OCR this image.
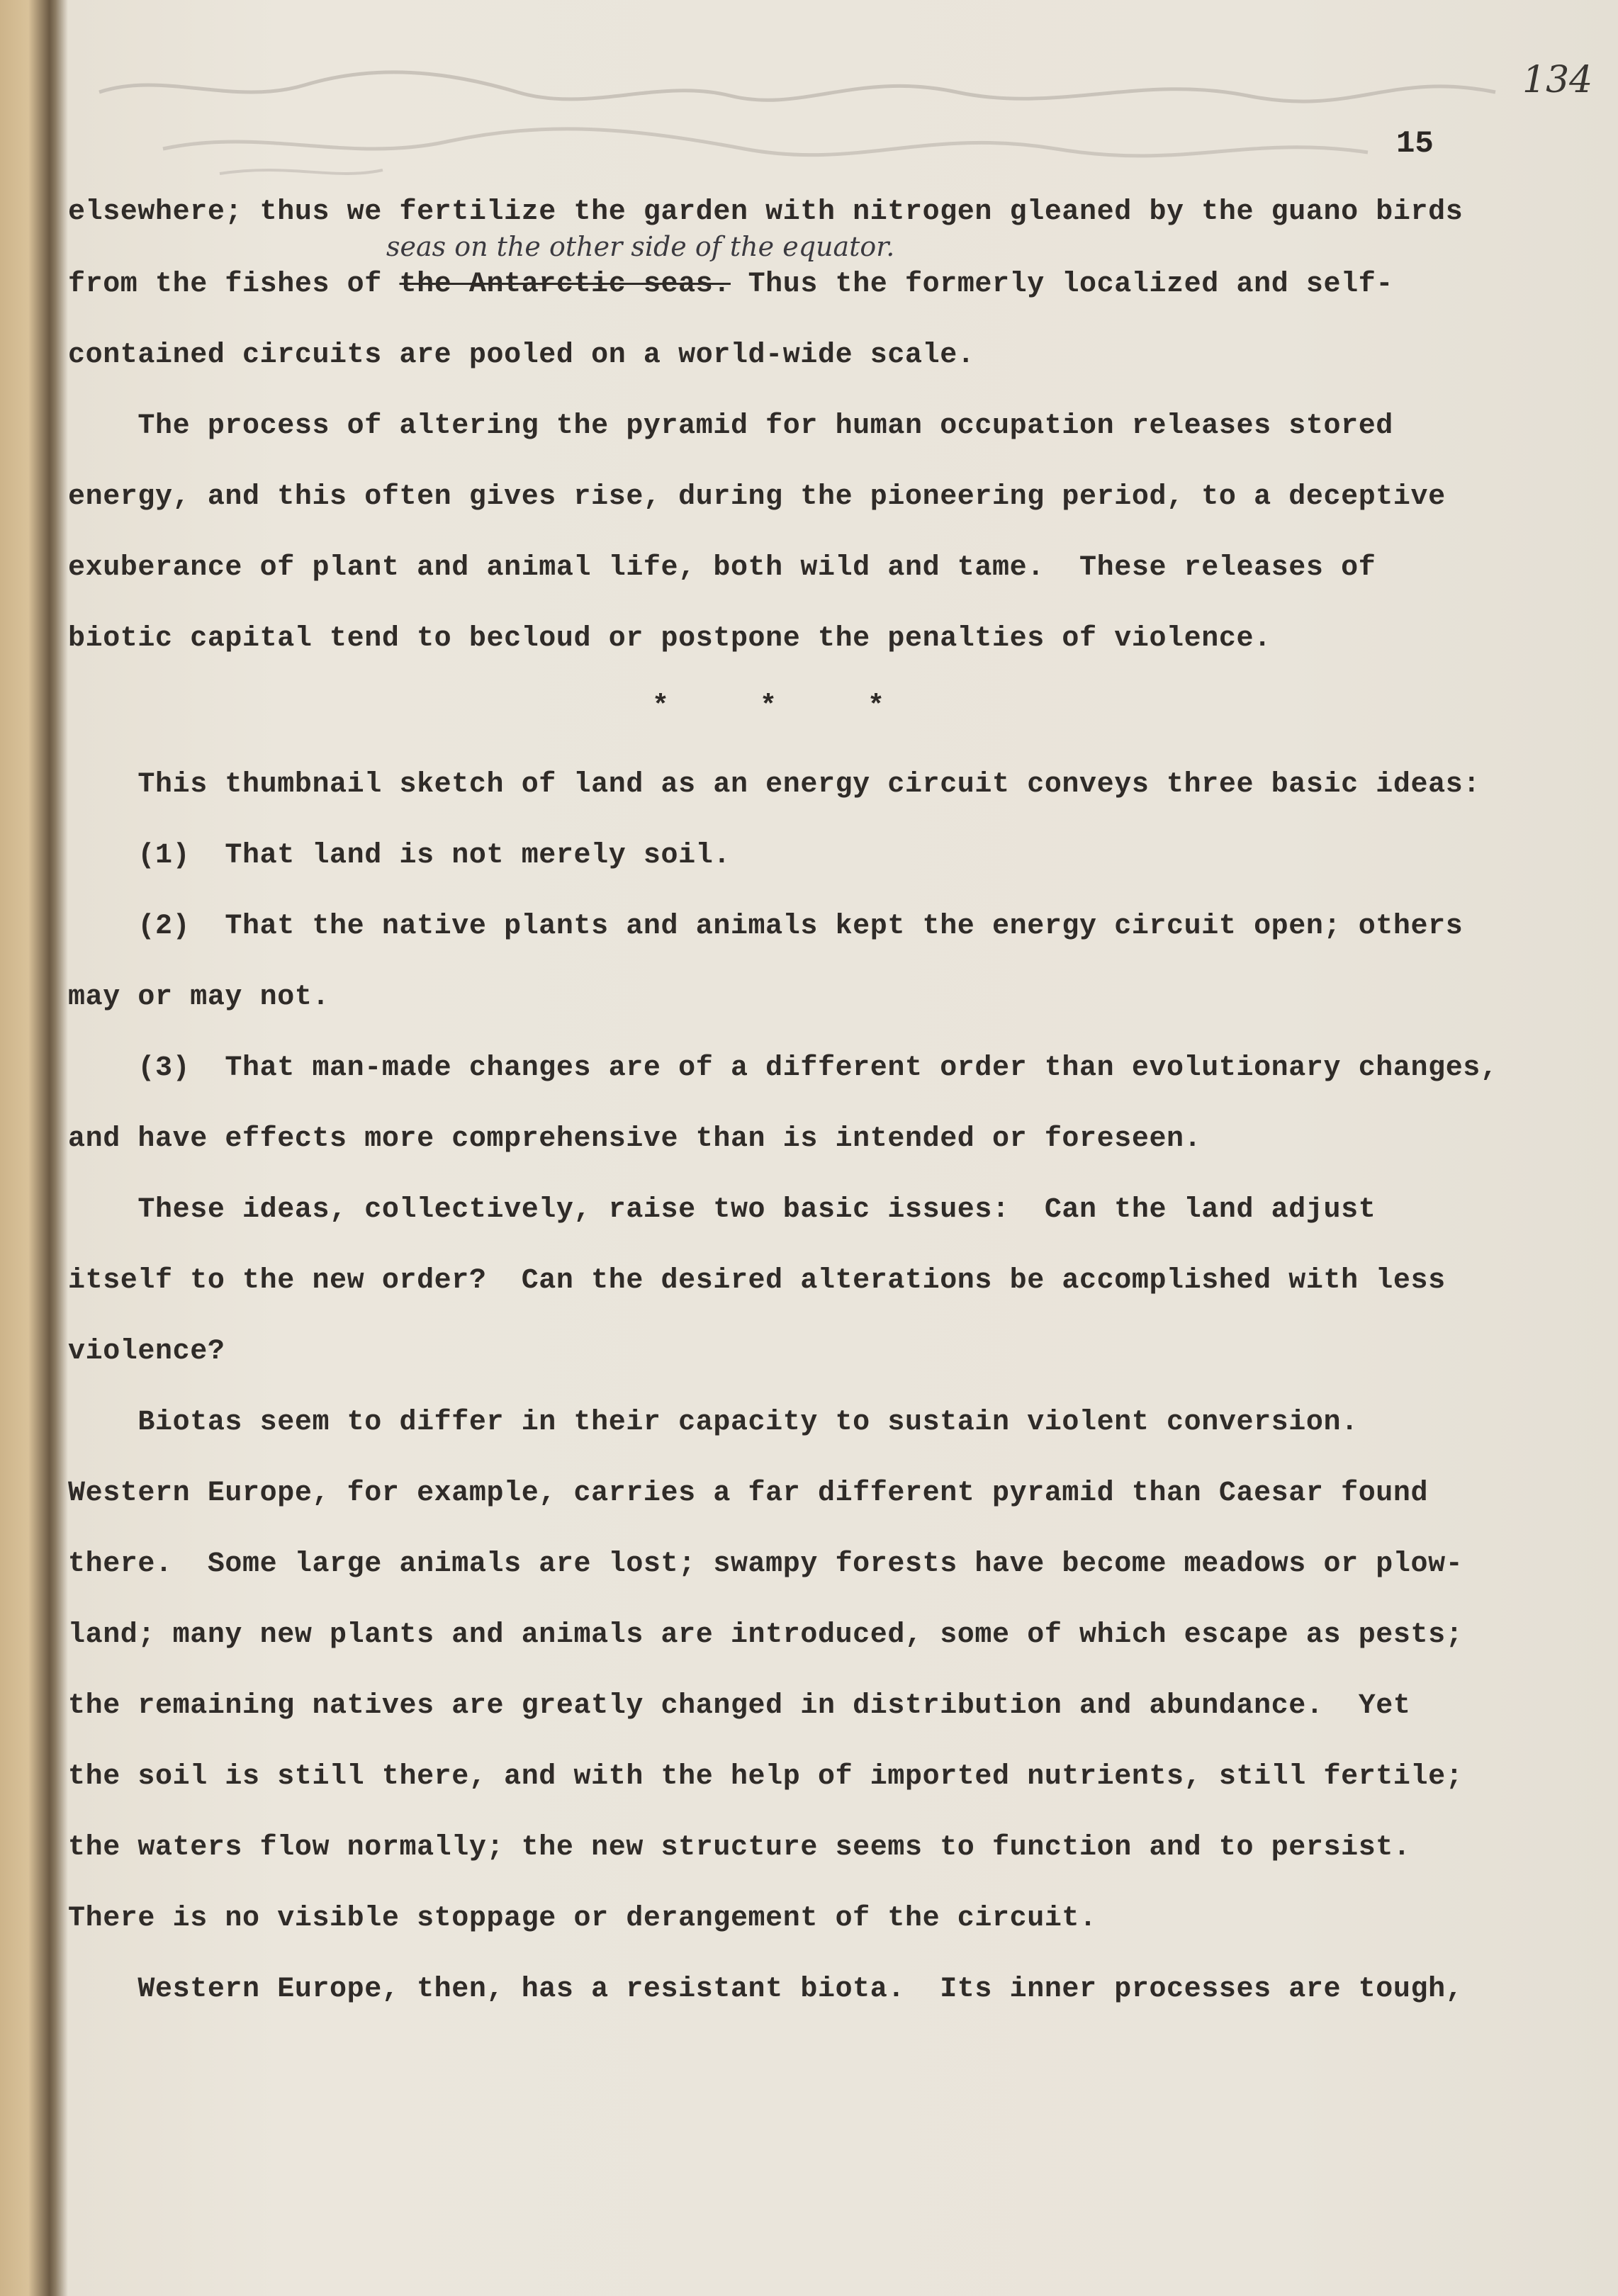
134
15
elsewhere; thus we fertilize the garden with nitrogen gleaned by the guano birds
seas on the other side of the equator.
from the fishes of the Antarctic seas. Thus the formerly localized and self-
contained circuits are pooled on a world-wide scale.
The process of altering the pyramid for human occupation releases stored
energy, and this often gives rise, during the pioneering period, to a deceptive
exuberance of plant and animal life, both wild and tame.  These releases of
biotic capital tend to becloud or postpone the penalties of violence.
* * *
This thumbnail sketch of land as an energy circuit conveys three basic ideas:
(1)  That land is not merely soil.
(2)  That the native plants and animals kept the energy circuit open; others
may or may not.
(3)  That man-made changes are of a different order than evolutionary changes,
and have effects more comprehensive than is intended or foreseen.
These ideas, collectively, raise two basic issues:  Can the land adjust
itself to the new order?  Can the desired alterations be accomplished with less
violence?
Biotas seem to differ in their capacity to sustain violent conversion.
Western Europe, for example, carries a far different pyramid than Caesar found
there.  Some large animals are lost; swampy forests have become meadows or plow-
land; many new plants and animals are introduced, some of which escape as pests;
the remaining natives are greatly changed in distribution and abundance.  Yet
the soil is still there, and with the help of imported nutrients, still fertile;
the waters flow normally; the new structure seems to function and to persist.
There is no visible stoppage or derangement of the circuit.
Western Europe, then, has a resistant biota.  Its inner processes are tough,
